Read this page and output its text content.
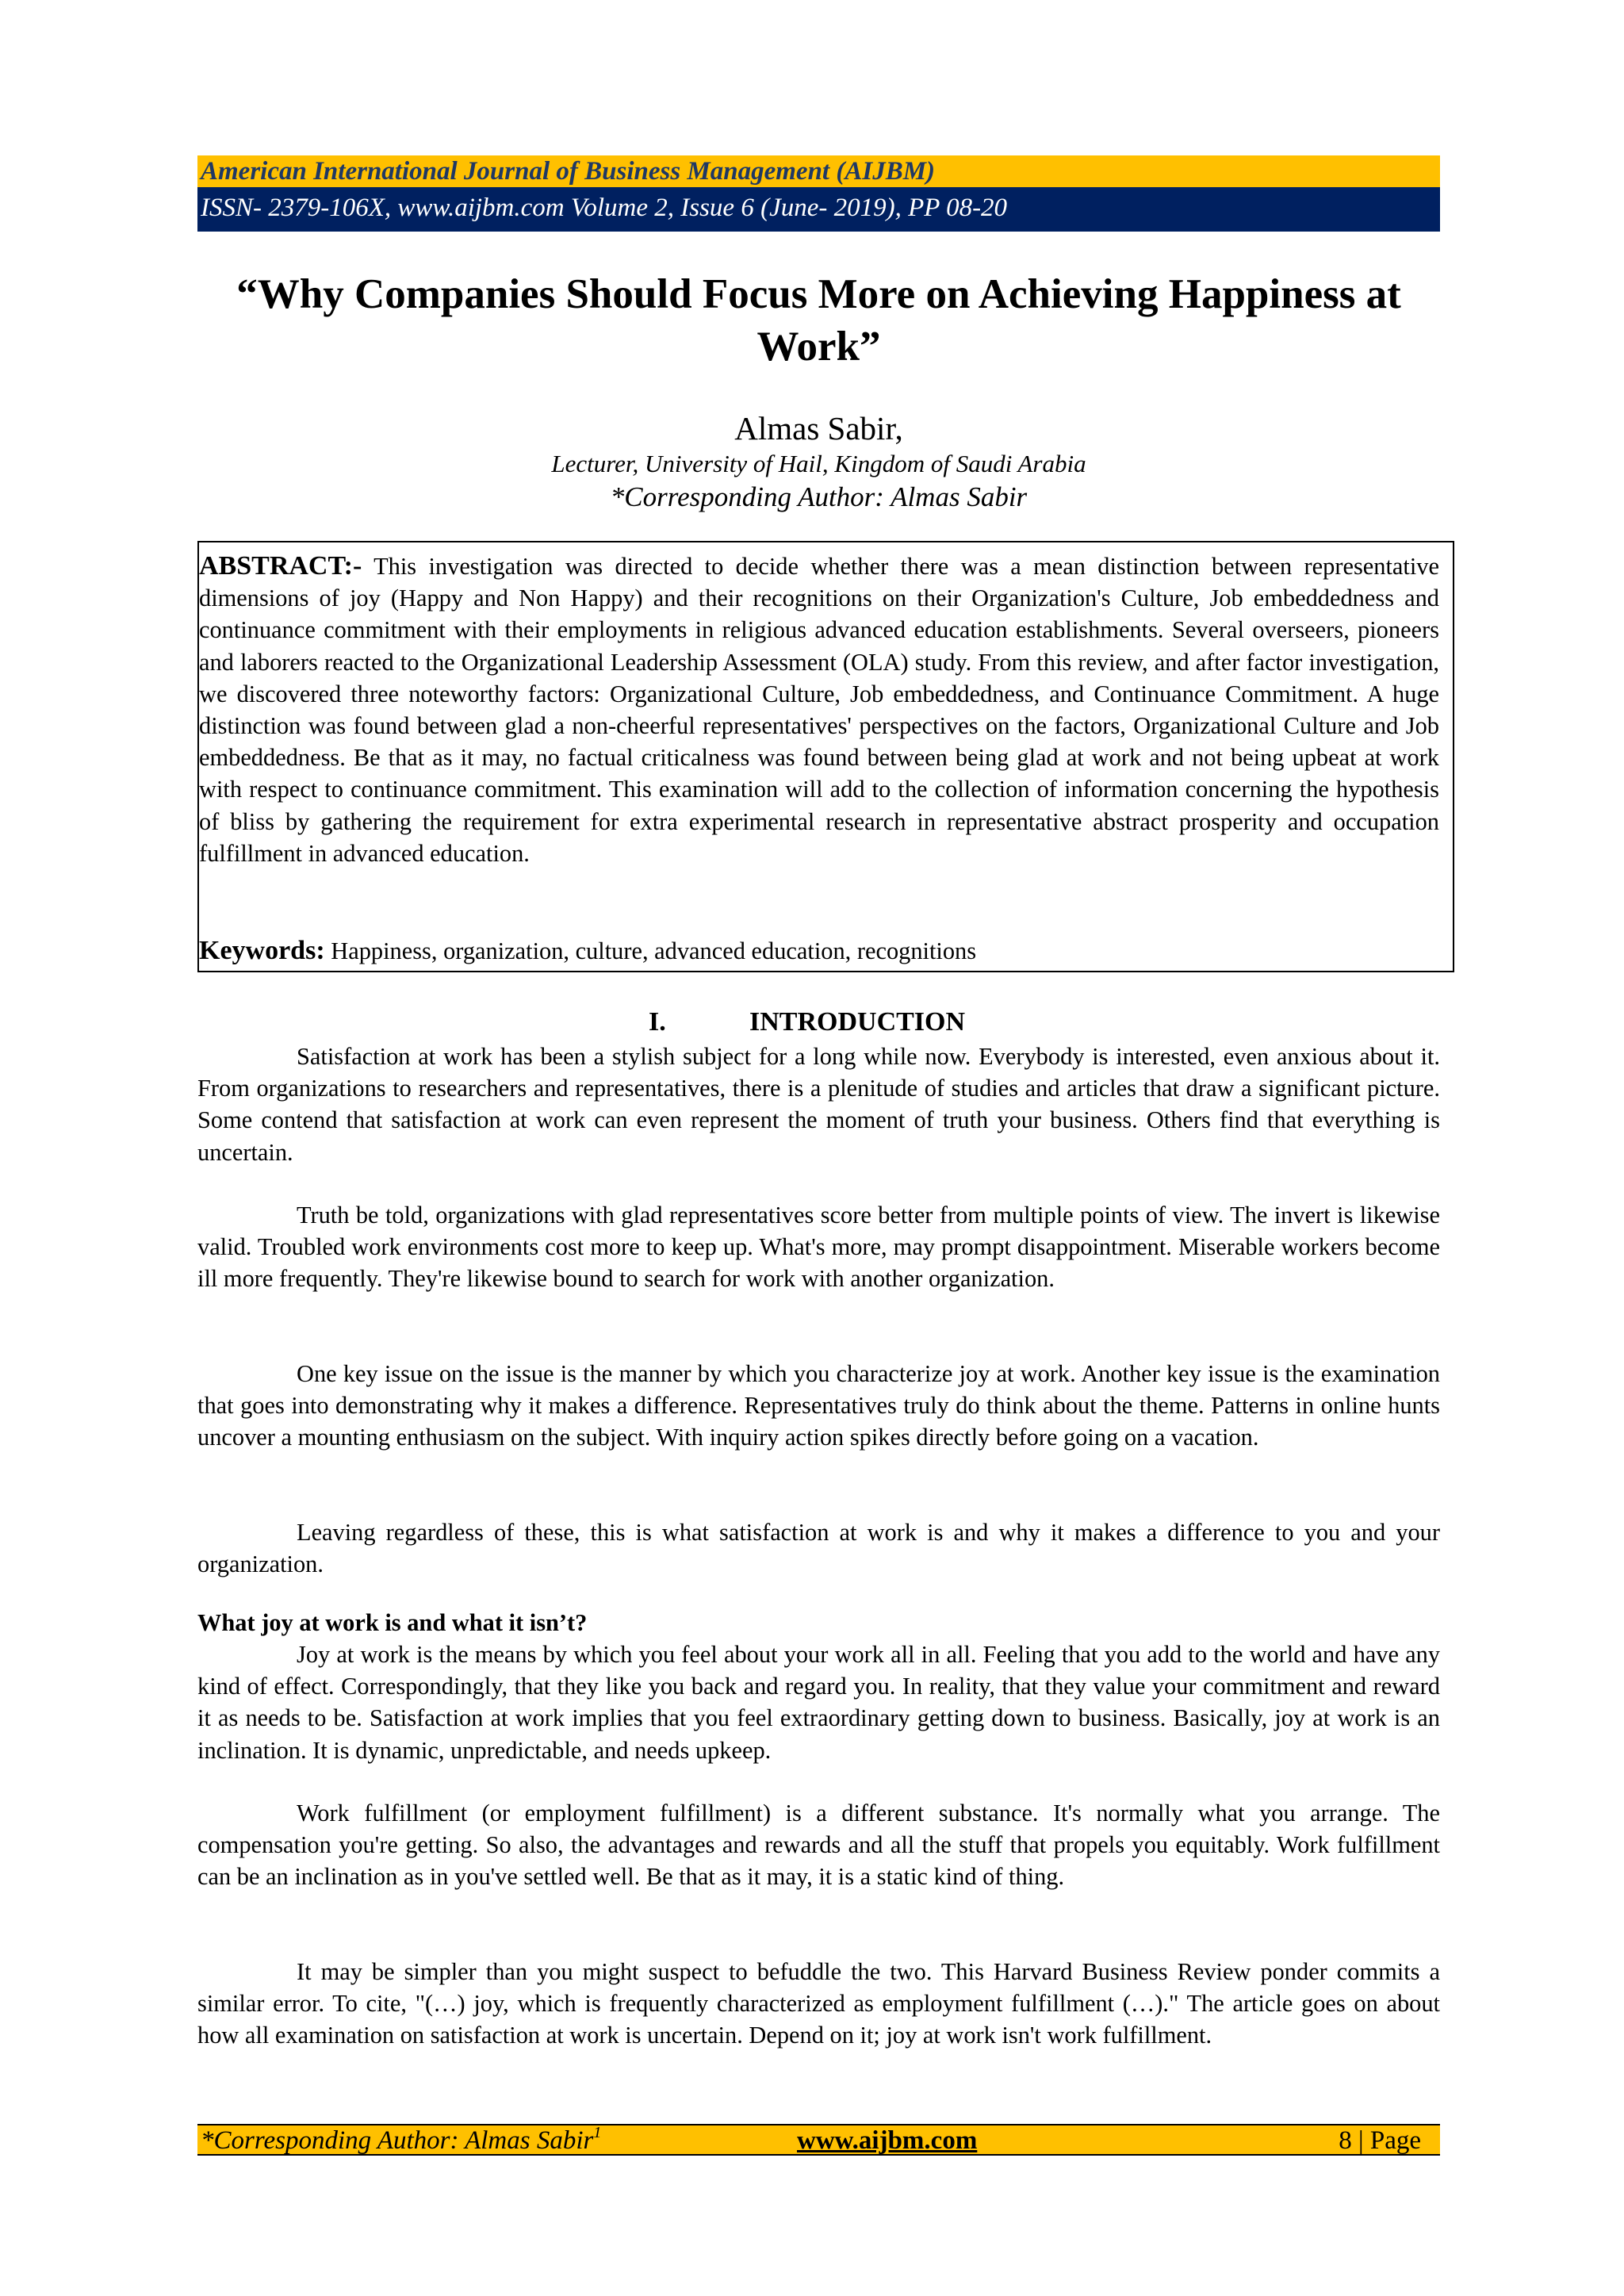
American International Journal of Business Management (AIJBM)
ISSN- 2379-106X, www.aijbm.com Volume 2, Issue 6 (June- 2019), PP 08-20
“Why Companies Should Focus More on Achieving Happiness at
Work”
Almas Sabir,
Lecturer, University of Hail, Kingdom of Saudi Arabia
*Corresponding Author: Almas Sabir

ABSTRACT:- This investigation was directed to decide whether there was a mean distinction between representative dimensions of joy (Happy and Non Happy) and their recognitions on their Organization's Culture, Job embeddedness and continuance commitment with their employments in religious advanced education establishments. Several overseers, pioneers and laborers reacted to the Organizational Leadership Assessment (OLA) study. From this review, and after factor investigation, we discovered three noteworthy factors: Organizational Culture, Job embeddedness, and Continuance Commitment. A huge distinction was found between glad a non-cheerful representatives' perspectives on the factors, Organizational Culture and Job embeddedness. Be that as it may, no factual criticalness was found between being glad at work and not being upbeat at work with respect to continuance commitment. This examination will add to the collection of information concerning the hypothesis of bliss by gathering the requirement for extra experimental research in representative abstract prosperity and occupation fulfillment in advanced education.

Keywords: Happiness, organization, culture, advanced education, recognitions
I.	INTRODUCTION

Satisfaction at work has been a stylish subject for a long while now. Everybody is interested, even anxious about it. From organizations to researchers and representatives, there is a plenitude of studies and articles that draw a significant picture. Some contend that satisfaction at work can even represent the moment of truth your business. Others find that everything is uncertain.

Truth be told, organizations with glad representatives score better from multiple points of view. The invert is likewise valid. Troubled work environments cost more to keep up. What's more, may prompt disappointment. Miserable workers become ill more frequently. They're likewise bound to search for work with another organization.

One key issue on the issue is the manner by which you characterize joy at work. Another key issue is the examination that goes into demonstrating why it makes a difference. Representatives truly do think about the theme. Patterns in online hunts uncover a mounting enthusiasm on the subject. With inquiry action spikes directly before going on a vacation.

Leaving regardless of these, this is what satisfaction at work is and why it makes a difference to you and your organization.

What joy at work is and what it isn’t?

Joy at work is the means by which you feel about your work all in all. Feeling that you add to the world and have any kind of effect. Correspondingly, that they like you back and regard you. In reality, that they value your commitment and reward it as needs to be. Satisfaction at work implies that you feel extraordinary getting down to business. Basically, joy at work is an inclination. It is dynamic, unpredictable, and needs upkeep.

Work fulfillment (or employment fulfillment) is a different substance. It's normally what you arrange. The compensation you're getting. So also, the advantages and rewards and all the stuff that propels you equitably. Work fulfillment can be an inclination as in you've settled well. Be that as it may, it is a static kind of thing.

It may be simpler than you might suspect to befuddle the two. This Harvard Business Review ponder commits a similar error. To cite, "(…) joy, which is frequently characterized as employment fulfillment (…)." The article goes on about how all examination on satisfaction at work is uncertain. Depend on it; joy at work isn't work fulfillment.

*Corresponding Author: Almas Sabir$^1$	www.aijbm.com	8 | Page
